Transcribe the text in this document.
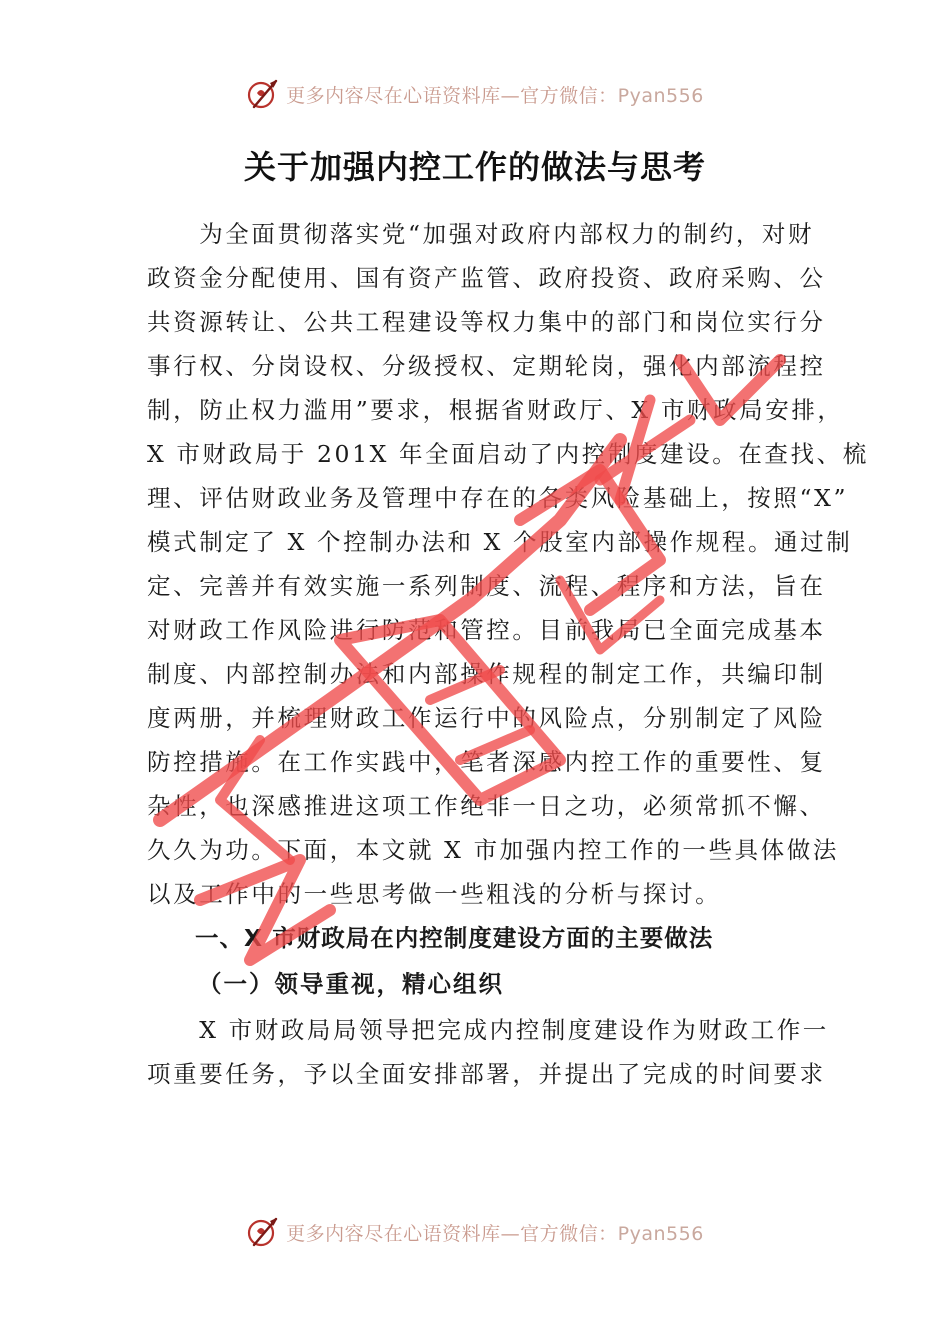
更多内容尽在心语资料库—官方微信：Pyan556
关于加强内控工作的做法与思考
　　为全面贯彻落实党“加强对政府内部权力的制约，对财
政资金分配使用、国有资产监管、政府投资、政府采购、公
共资源转让、公共工程建设等权力集中的部门和岗位实行分
事行权、分岗设权、分级授权、定期轮岗，强化内部流程控
制，防止权力滥用”要求，根据省财政厅、X 市财政局安排，
X 市财政局于 201X 年全面启动了内控制度建设。在查找、梳
理、评估财政业务及管理中存在的各类风险基础上，按照“X”
模式制定了 X 个控制办法和 X 个股室内部操作规程。通过制
定、完善并有效实施一系列制度、流程、程序和方法，旨在
对财政工作风险进行防范和管控。目前我局已全面完成基本
制度、内部控制办法和内部操作规程的制定工作，共编印制
度两册，并梳理财政工作运行中的风险点，分别制定了风险
防控措施。在工作实践中，笔者深感内控工作的重要性、复
杂性，也深感推进这项工作绝非一日之功，必须常抓不懈、
久久为功。下面，本文就 X 市加强内控工作的一些具体做法
以及工作中的一些思考做一些粗浅的分析与探讨。
一、X 市财政局在内控制度建设方面的主要做法
（一）领导重视，精心组织
　　X 市财政局局领导把完成内控制度建设作为财政工作一
项重要任务，予以全面安排部署，并提出了完成的时间要求
更多内容尽在心语资料库—官方微信：Pyan556
